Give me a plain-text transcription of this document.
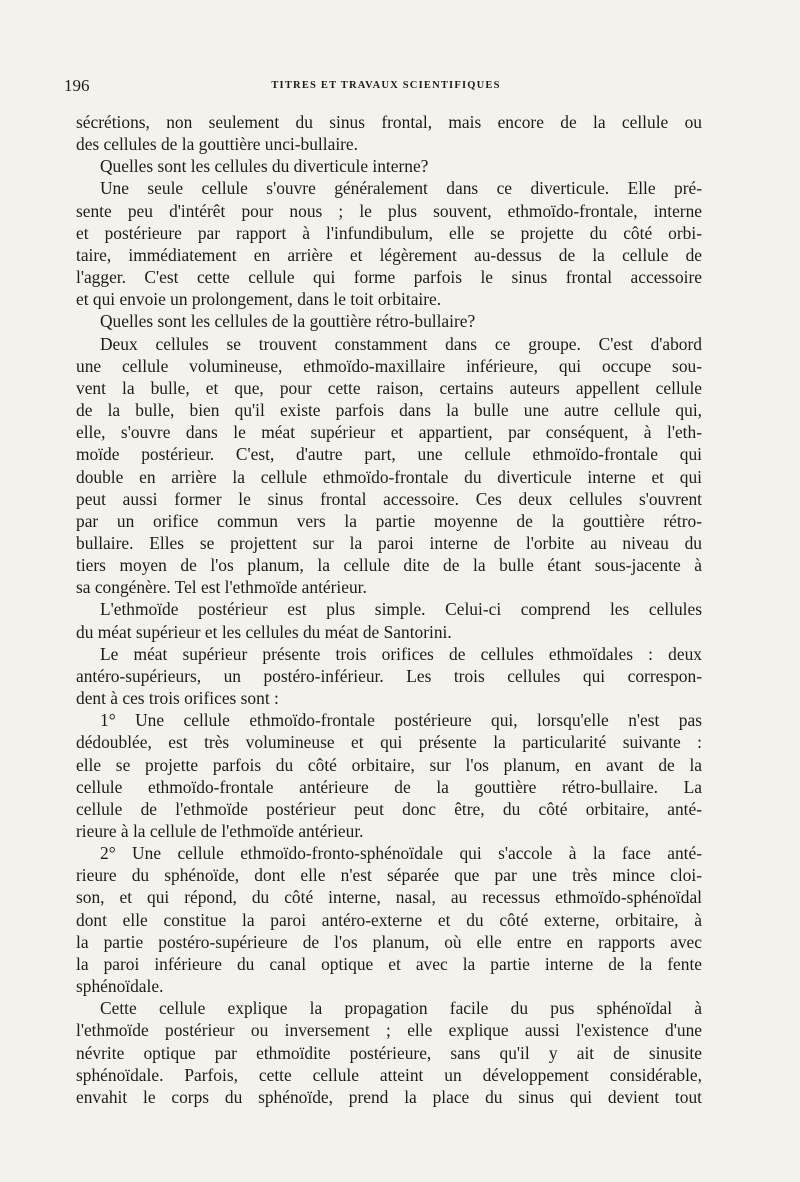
196	TITRES ET TRAVAUX SCIENTIFIQUES
sécrétions, non seulement du sinus frontal, mais encore de la cellule ou
des cellules de la gouttière unci-bullaire.
Quelles sont les cellules du diverticule interne?
Une seule cellule s'ouvre généralement dans ce diverticule. Elle pré-
sente peu d'intérêt pour nous ; le plus souvent, ethmoïdo-frontale, interne
et postérieure par rapport à l'infundibulum, elle se projette du côté orbi-
taire, immédiatement en arrière et légèrement au-dessus de la cellule de
l'agger. C'est cette cellule qui forme parfois le sinus frontal accessoire
et qui envoie un prolongement, dans le toit orbitaire.
Quelles sont les cellules de la gouttière rétro-bullaire?
Deux cellules se trouvent constamment dans ce groupe. C'est d'abord
une cellule volumineuse, ethmoïdo-maxillaire inférieure, qui occupe sou-
vent la bulle, et que, pour cette raison, certains auteurs appellent cellule
de la bulle, bien qu'il existe parfois dans la bulle une autre cellule qui,
elle, s'ouvre dans le méat supérieur et appartient, par conséquent, à l'eth-
moïde postérieur. C'est, d'autre part, une cellule ethmoïdo-frontale qui
double en arrière la cellule ethmoïdo-frontale du diverticule interne et qui
peut aussi former le sinus frontal accessoire. Ces deux cellules s'ouvrent
par un orifice commun vers la partie moyenne de la gouttière rétro-
bullaire. Elles se projettent sur la paroi interne de l'orbite au niveau du
tiers moyen de l'os planum, la cellule dite de la bulle étant sous-jacente à
sa congénère. Tel est l'ethmoïde antérieur.
L'ethmoïde postérieur est plus simple. Celui-ci comprend les cellules
du méat supérieur et les cellules du méat de Santorini.
Le méat supérieur présente trois orifices de cellules ethmoïdales : deux
antéro-supérieurs, un postéro-inférieur. Les trois cellules qui correspon-
dent à ces trois orifices sont :
1° Une cellule ethmoïdo-frontale postérieure qui, lorsqu'elle n'est pas
dédoublée, est très volumineuse et qui présente la particularité suivante :
elle se projette parfois du côté orbitaire, sur l'os planum, en avant de la
cellule ethmoïdo-frontale antérieure de la gouttière rétro-bullaire. La
cellule de l'ethmoïde postérieur peut donc être, du côté orbitaire, anté-
rieure à la cellule de l'ethmoïde antérieur.
2° Une cellule ethmoïdo-fronto-sphénoïdale qui s'accole à la face anté-
rieure du sphénoïde, dont elle n'est séparée que par une très mince cloi-
son, et qui répond, du côté interne, nasal, au recessus ethmoïdo-sphénoïdal
dont elle constitue la paroi antéro-externe et du côté externe, orbitaire, à
la partie postéro-supérieure de l'os planum, où elle entre en rapports avec
la paroi inférieure du canal optique et avec la partie interne de la fente
sphénoïdale.
Cette cellule explique la propagation facile du pus sphénoïdal à
l'ethmoïde postérieur ou inversement ; elle explique aussi l'existence d'une
névrite optique par ethmoïdite postérieure, sans qu'il y ait de sinusite
sphénoïdale. Parfois, cette cellule atteint un développement considérable,
envahit le corps du sphénoïde, prend la place du sinus qui devient tout
